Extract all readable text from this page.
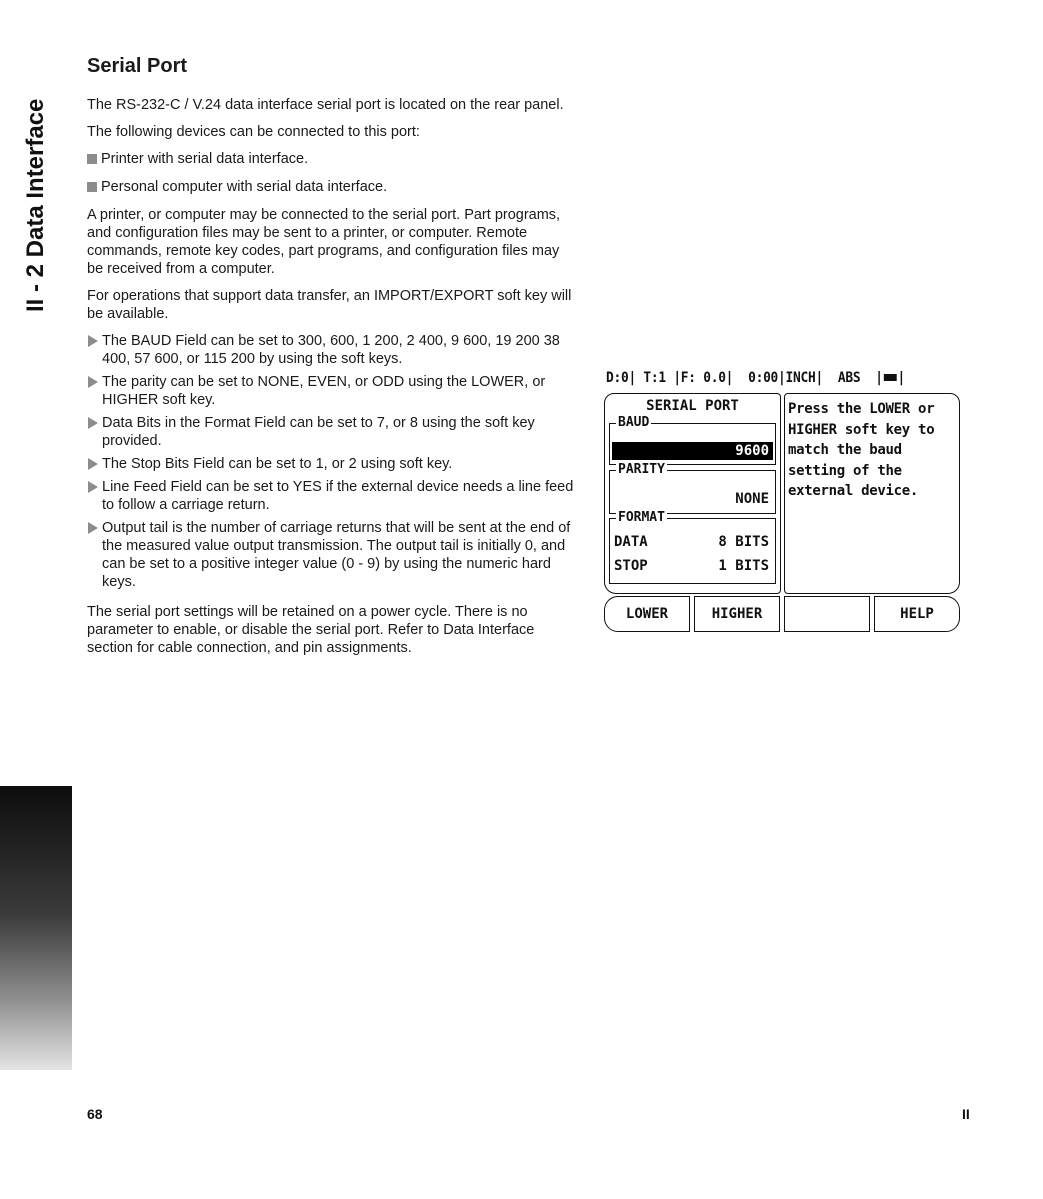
II - 2 Data Interface
Serial Port

The RS-232-C / V.24 data interface serial port is located on the rear panel.

The following devices can be connected to this port:

Printer with serial data interface.
Personal computer with serial data interface.

A printer, or computer may be connected to the serial port. Part programs, and configuration files may be sent to a printer, or computer. Remote commands, remote key codes, part programs, and configuration files may be received from a computer.

For operations that support data transfer, an IMPORT/EXPORT soft key will be available.

The BAUD Field can be set to 300, 600, 1 200, 2 400, 9 600, 19 200 38 400, 57 600, or 115 200 by using the soft keys.
The parity can be set to NONE, EVEN, or ODD using the LOWER, or HIGHER soft key.
Data Bits in the Format Field can be set to 7, or 8 using the soft key provided.
The Stop Bits Field can be set to 1, or 2 using soft key.
Line Feed Field can be set to YES if the external device needs a line feed to follow a carriage return.
Output tail is the number of carriage returns that will be sent at the end of the measured value output transmission. The output tail is initially 0, and can be set to a positive integer value (0 - 9) by using the numeric hard keys.

The serial port settings will be retained on a power cycle. There is no parameter to enable, or disable the serial port. Refer to Data Interface section for cable connection, and pin assignments.

D:0| T:1 |F: 0.0|  0:00|INCH|  ABS  | |
SERIAL PORT
BAUD
9600
PARITY
NONE
FORMAT
DATA	8 BITS
STOP	1 BITS
Press the LOWER or
HIGHER soft key to
match the baud
setting of the
external device.
LOWER	HIGHER	HELP
68	II
